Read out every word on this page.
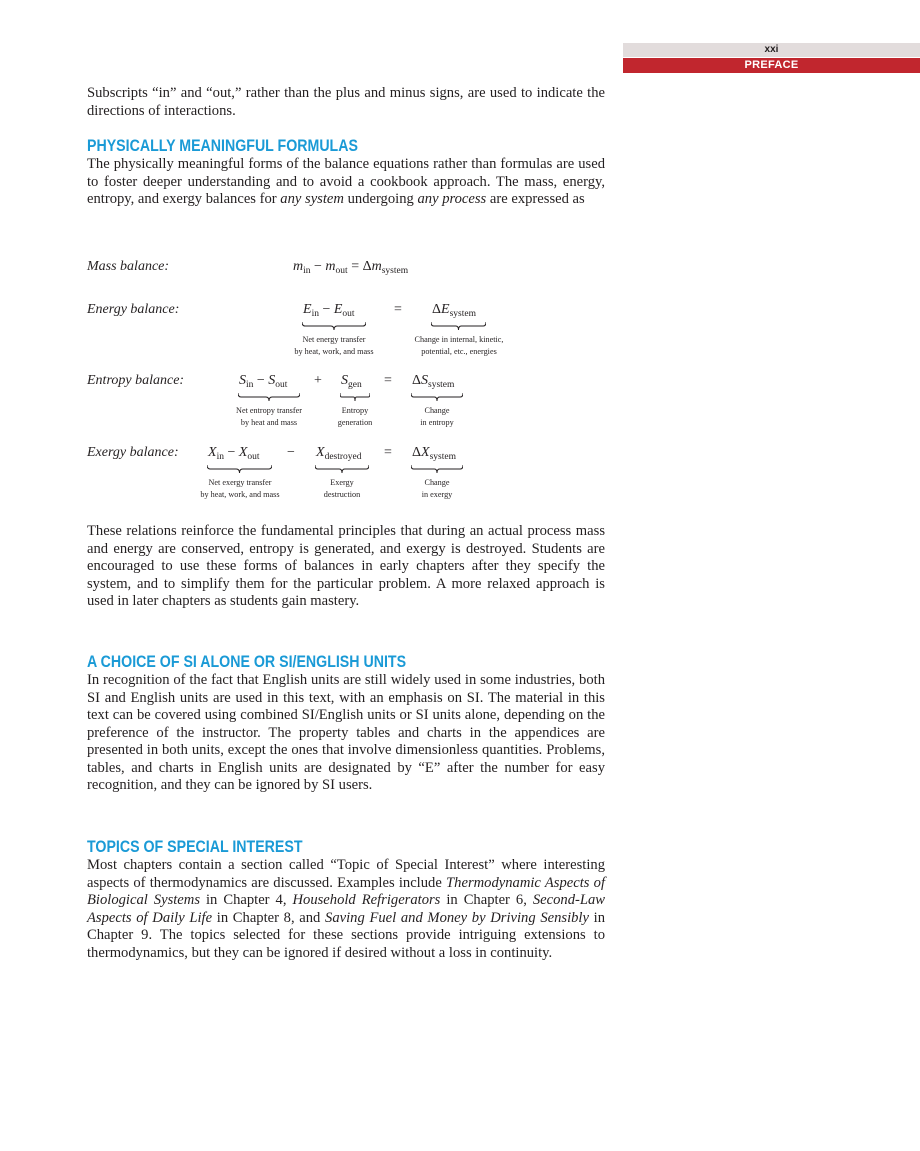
xxi
PREFACE

Subscripts “in” and “out,” rather than the plus and minus signs, are used to indicate the directions of interactions.

PHYSICALLY MEANINGFUL FORMULAS

The physically meaningful forms of the balance equations rather than formulas are used to foster deeper understanding and to avoid a cookbook approach. The mass, energy, entropy, and exergy balances for any system undergoing any process are expressed as

Mass balance:	$m_{in} - m_{out} = \Delta m_{system}$
Energy balance:	$E_{in} - E_{out}$	= $\Delta E_{system}$
Net energy transfer
by heat, work, and mass
Change in internal, kinetic,
potential, etc., energies
Entropy balance:	$S_{in} - S_{out} + S_{gen} = \Delta S_{system}$
Net entropy transfer
by heat and mass
Entropy
generation
Change
in entropy
Exergy balance: $X_{in} - X_{out} - X_{destroyed} = \Delta X_{system}$
Net exergy transfer
by heat, work, and mass
Exergy
destruction
Change
in exergy

These relations reinforce the fundamental principles that during an actual process mass and energy are conserved, entropy is generated, and exergy is destroyed. Students are encouraged to use these forms of balances in early chapters after they specify the system, and to simplify them for the particular problem. A more relaxed approach is used in later chapters as students gain mastery.

A CHOICE OF SI ALONE OR SI/ENGLISH UNITS

In recognition of the fact that English units are still widely used in some industries, both SI and English units are used in this text, with an emphasis on SI. The material in this text can be covered using combined SI/English units or SI units alone, depending on the preference of the instructor. The property tables and charts in the appendices are presented in both units, except the ones that involve dimensionless quantities. Problems, tables, and charts in English units are designated by “E” after the number for easy recognition, and they can be ignored by SI users.

TOPICS OF SPECIAL INTEREST

Most chapters contain a section called “Topic of Special Interest” where interesting aspects of thermodynamics are discussed. Examples include Thermodynamic Aspects of Biological Systems in Chapter 4, Household Refrigerators in Chapter 6, Second-Law Aspects of Daily Life in Chapter 8, and Saving Fuel and Money by Driving Sensibly in Chapter 9. The topics selected for these sections provide intriguing extensions to thermodynamics, but they can be ignored if desired without a loss in continuity.
